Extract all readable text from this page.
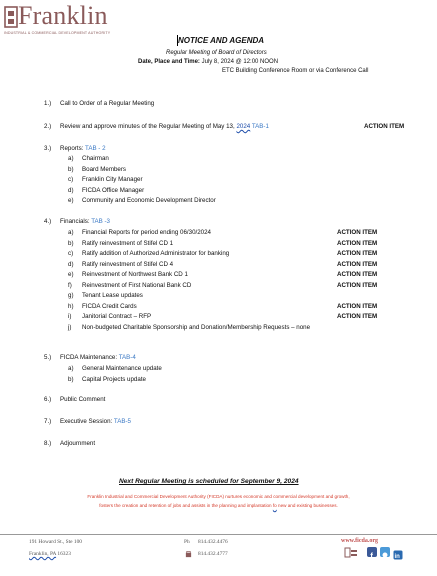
Franklin
INDUSTRIAL & COMMERCIAL DEVELOPMENT AUTHORITY
NOTICE AND AGENDA
Regular Meeting of Board of Directors
Date, Place and Time: July 8, 2024 @ 12:00 NOON
ETC Building Conference Room or via Conference Call
1.) Call to Order of a Regular Meeting
2.) Review and approve minutes of the Regular Meeting of May 13, 2024 TAB-1	ACTION ITEM
3.) Reports: TAB - 2
a) Chairman
b) Board Members
c) Franklin City Manager
d) FICDA Office Manager
e) Community and Economic Development Director
4.) Financials: TAB -3
a) Financial Reports for period ending 06/30/2024	ACTION ITEM
b) Ratify reinvestment of Stifel CD 1	ACTION ITEM
c) Ratify addition of Authorized Administrator for banking	ACTION ITEM
d) Ratify reinvestment of Stifel CD 4	ACTION ITEM
e) Reinvestment of Northwest Bank CD 1	ACTION ITEM
f) Reinvestment of First National Bank CD	ACTION ITEM
g) Tenant Lease updates
h) FICDA Credit Cards	ACTION ITEM
i) Janitorial Contract – RFP	ACTION ITEM
j) Non-budgeted Charitable Sponsorship and Donation/Membership Requests – none
5.) FICDA Maintenance: TAB-4
a) General Maintenance update
b) Capital Projects update
6.) Public Comment
7.) Executive Session: TAB-5
8.) Adjournment
Next Regular Meeting is scheduled for September 9, 2024
Franklin Industrial and Commercial Development Authority (FICDA) nurtures economic and commercial development and growth,
fosters the creation and retention of jobs and assists in the planning and implantation fo new and existing businesses.
191 Howard St., Ste 100
Franklin, PA 16323
Ph 814.432.4476
814.432.4777
www.ficda.org
f	in
